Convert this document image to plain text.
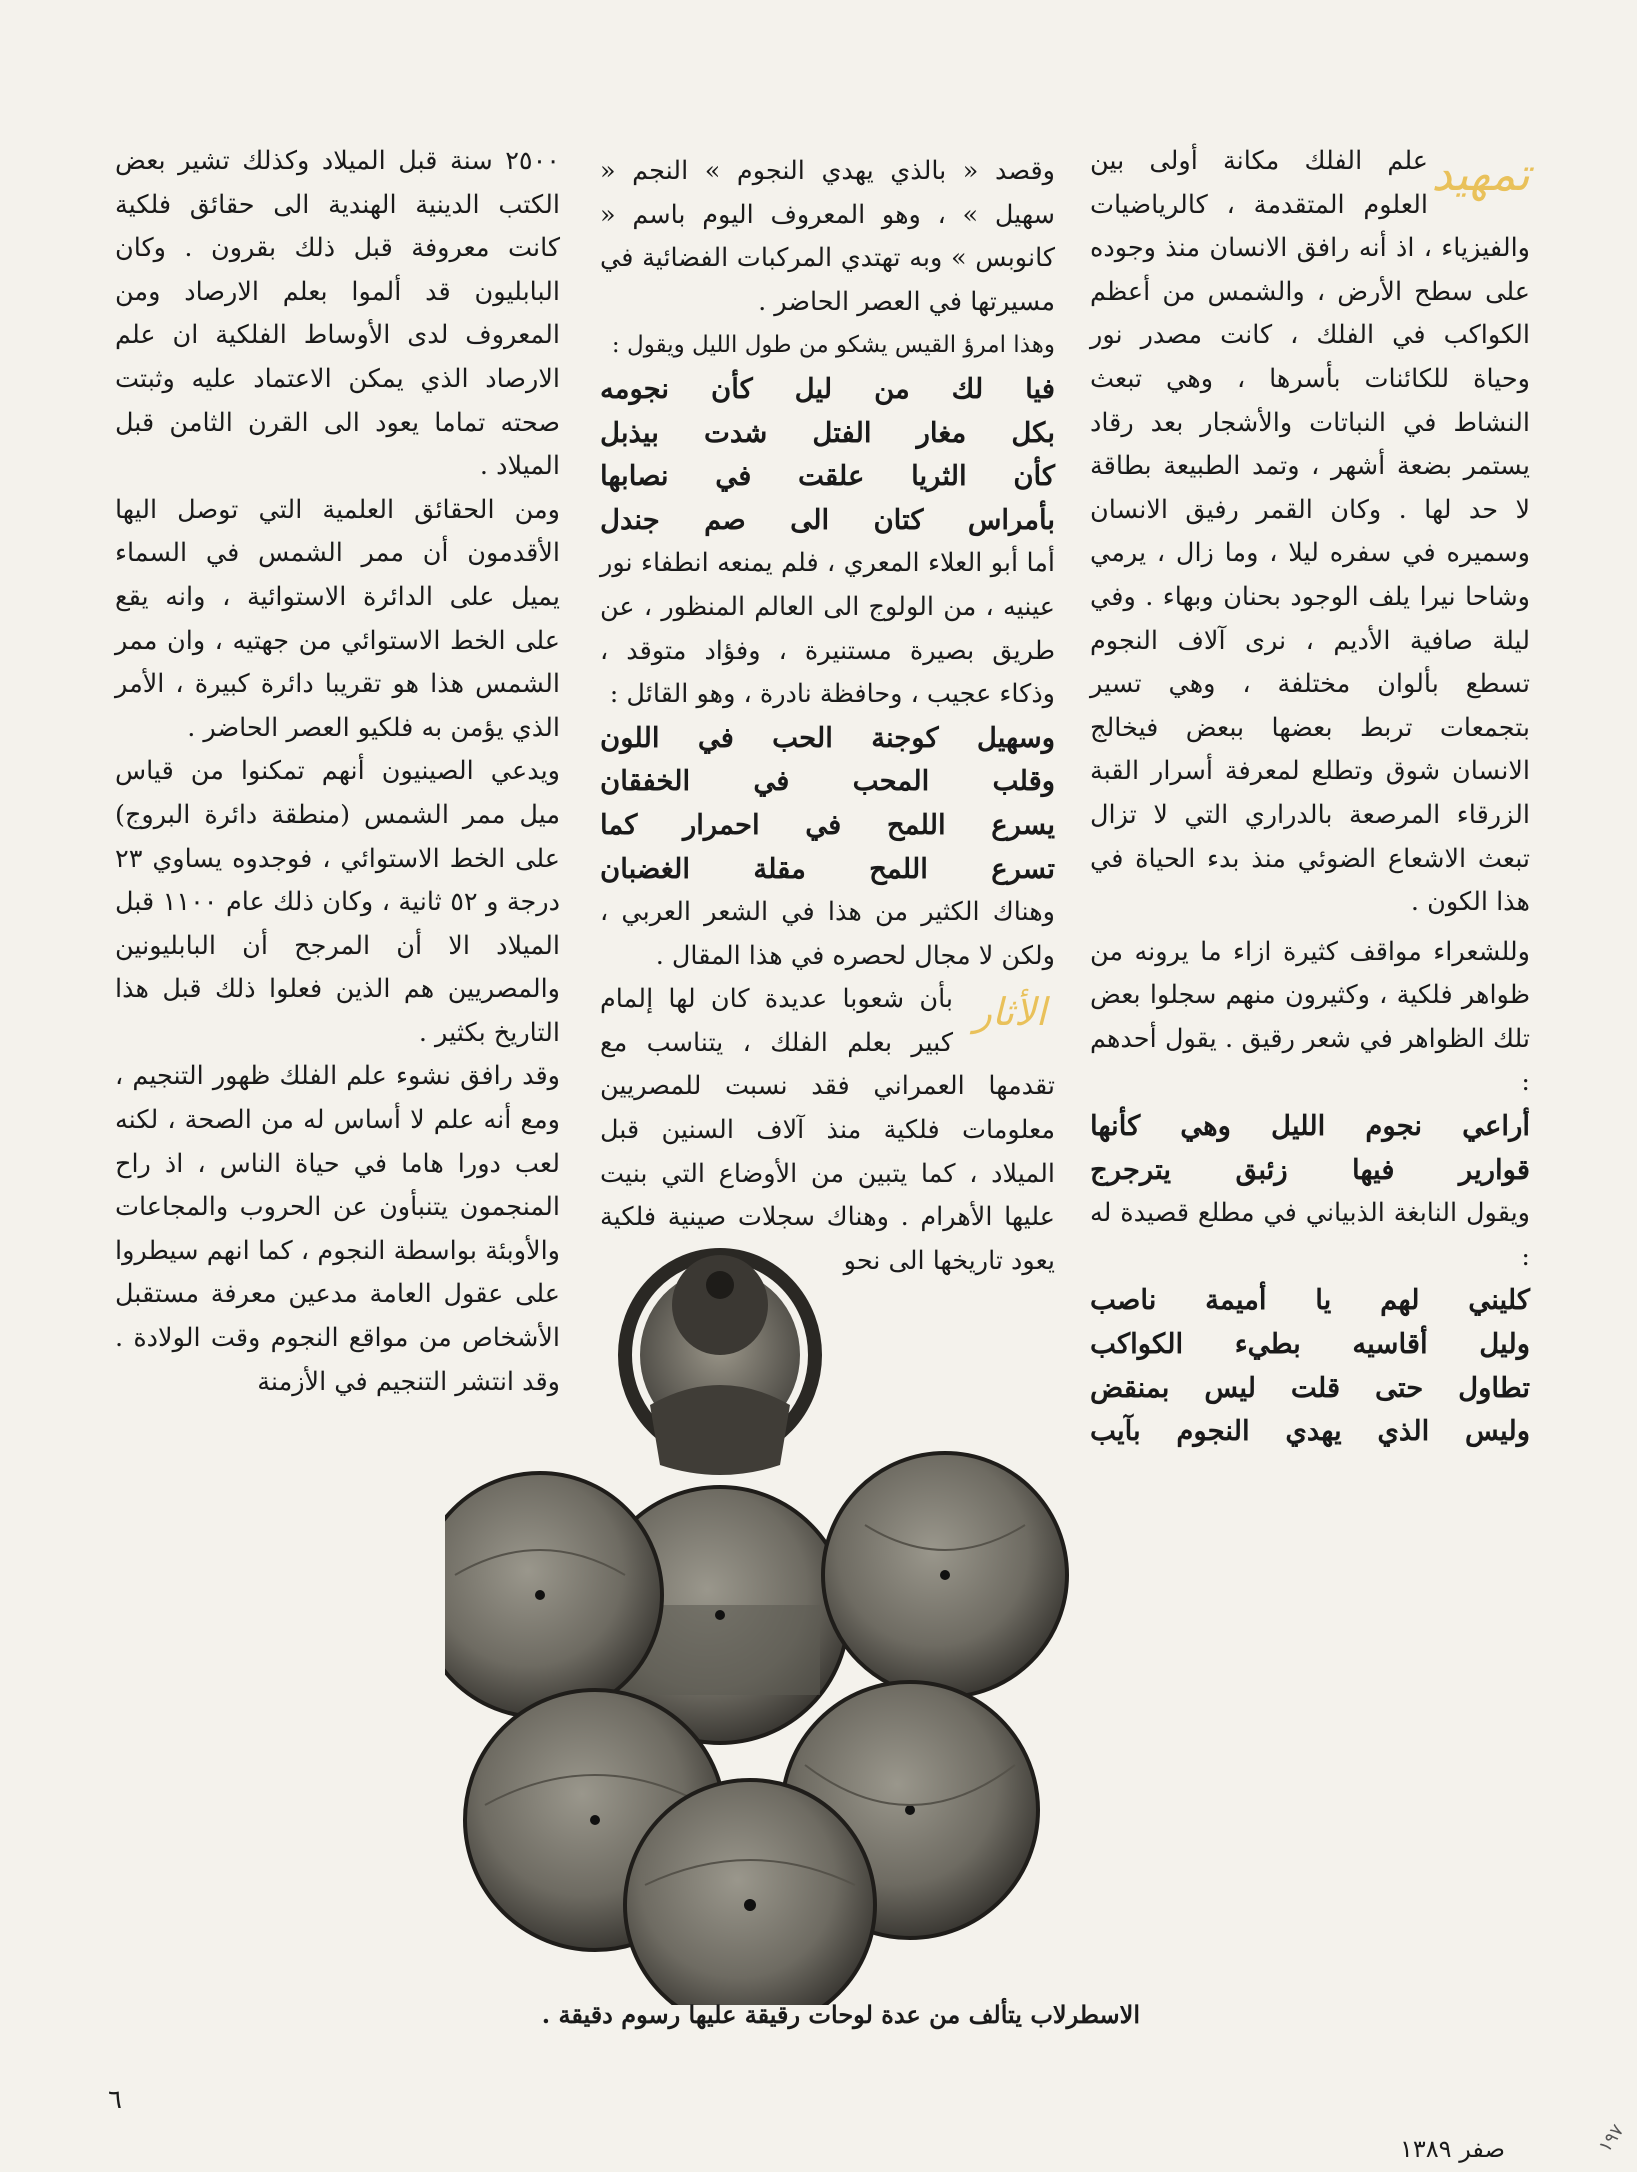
تمهيد
علم الفلك مكانة أولى بين العلوم المتقدمة ، كالرياضيات والفيزياء ، اذ أنه رافق الانسان منذ وجوده على سطح الأرض ، والشمس من أعظم الكواكب في الفلك ، كانت مصدر نور وحياة للكائنات بأسرها ، وهي تبعث النشاط في النباتات والأشجار بعد رقاد يستمر بضعة أشهر ، وتمد الطبيعة بطاقة لا حد لها . وكان القمر رفيق الانسان وسميره في سفره ليلا ، وما زال ، يرمي وشاحا نيرا يلف الوجود بحنان وبهاء . وفي ليلة صافية الأديم ، نرى آلاف النجوم تسطع بألوان مختلفة ، وهي تسير بتجمعات تربط بعضها ببعض فيخالج الانسان شوق وتطلع لمعرفة أسرار القبة الزرقاء المرصعة بالدراري التي لا تزال تبعث الاشعاع الضوئي منذ بدء الحياة في هذا الكون .

وللشعراء مواقف كثيرة ازاء ما يرونه من ظواهر فلكية ، وكثيرون منهم سجلوا بعض تلك الظواهر في شعر رقيق . يقول أحدهم :

أراعي نجوم الليل وهي كأنها
قوارير فيها زئبق يترجرج

ويقول النابغة الذبياني في مطلع قصيدة له :

كليني لهم يا أميمة ناصب
وليل أقاسيه بطيء الكواكب
تطاول حتى قلت ليس بمنقض
وليس الذي يهدي النجوم بآيب

وقصد « بالذي يهدي النجوم » النجم « سهيل » ، وهو المعروف اليوم باسم « كانوبس » وبه تهتدي المركبات الفضائية في مسيرتها في العصر الحاضر .

وهذا امرؤ القيس يشكو من طول الليل ويقول :

فيا لك من ليل كأن نجومه
بكل مغار الفتل شدت بيذبل
كأن الثريا علقت في نصابها
بأمراس كتان الى صم جندل

أما أبو العلاء المعري ، فلم يمنعه انطفاء نور عينيه ، من الولوج الى العالم المنظور ، عن طريق بصيرة مستنيرة ، وفؤاد متوقد ، وذكاء عجيب ، وحافظة نادرة ، وهو القائل :

وسهيل كوجنة الحب في اللون
وقلب المحب في الخفقان
يسرع اللمح في احمرار كما
تسرع اللمح مقلة الغضبان

وهناك الكثير من هذا في الشعر العربي ، ولكن لا مجال لحصره في هذا المقال .

الأثار
بأن شعوبا عديدة كان لها إلمام كبير بعلم الفلك ، يتناسب مع تقدمها العمراني فقد نسبت للمصريين معلومات فلكية منذ آلاف السنين قبل الميلاد ، كما يتبين من الأوضاع التي بنيت عليها الأهرام . وهناك سجلات صينية فلكية يعود تاريخها الى نحو

٢٥٠٠ سنة قبل الميلاد وكذلك تشير بعض الكتب الدينية الهندية الى حقائق فلكية كانت معروفة قبل ذلك بقرون . وكان البابليون قد ألموا بعلم الارصاد ومن المعروف لدى الأوساط الفلكية ان علم الارصاد الذي يمكن الاعتماد عليه وثبتت صحته تماما يعود الى القرن الثامن قبل الميلاد .

ومن الحقائق العلمية التي توصل اليها الأقدمون أن ممر الشمس في السماء يميل على الدائرة الاستوائية ، وانه يقع على الخط الاستوائي من جهتيه ، وان ممر الشمس هذا هو تقريبا دائرة كبيرة ، الأمر الذي يؤمن به فلكيو العصر الحاضر .

ويدعي الصينيون أنهم تمكنوا من قياس ميل ممر الشمس (منطقة دائرة البروج) على الخط الاستوائي ، فوجدوه يساوي ٢٣ درجة و ٥٢ ثانية ، وكان ذلك عام ١١٠٠ قبل الميلاد الا أن المرجح أن البابليونين والمصريين هم الذين فعلوا ذلك قبل هذا التاريخ بكثير .

وقد رافق نشوء علم الفلك ظهور التنجيم ، ومع أنه علم لا أساس له من الصحة ، لكنه لعب دورا هاما في حياة الناس ، اذ راح المنجمون يتنبأون عن الحروب والمجاعات والأوبئة بواسطة النجوم ، كما انهم سيطروا على عقول العامة مدعين معرفة مستقبل الأشخاص من مواقع النجوم وقت الولادة . وقد انتشر التنجيم في الأزمنة

الاسطرلاب يتألف من عدة لوحات رقيقة عليها رسوم دقيقة .
٦
صفر ١٣٨٩	١٩٧
